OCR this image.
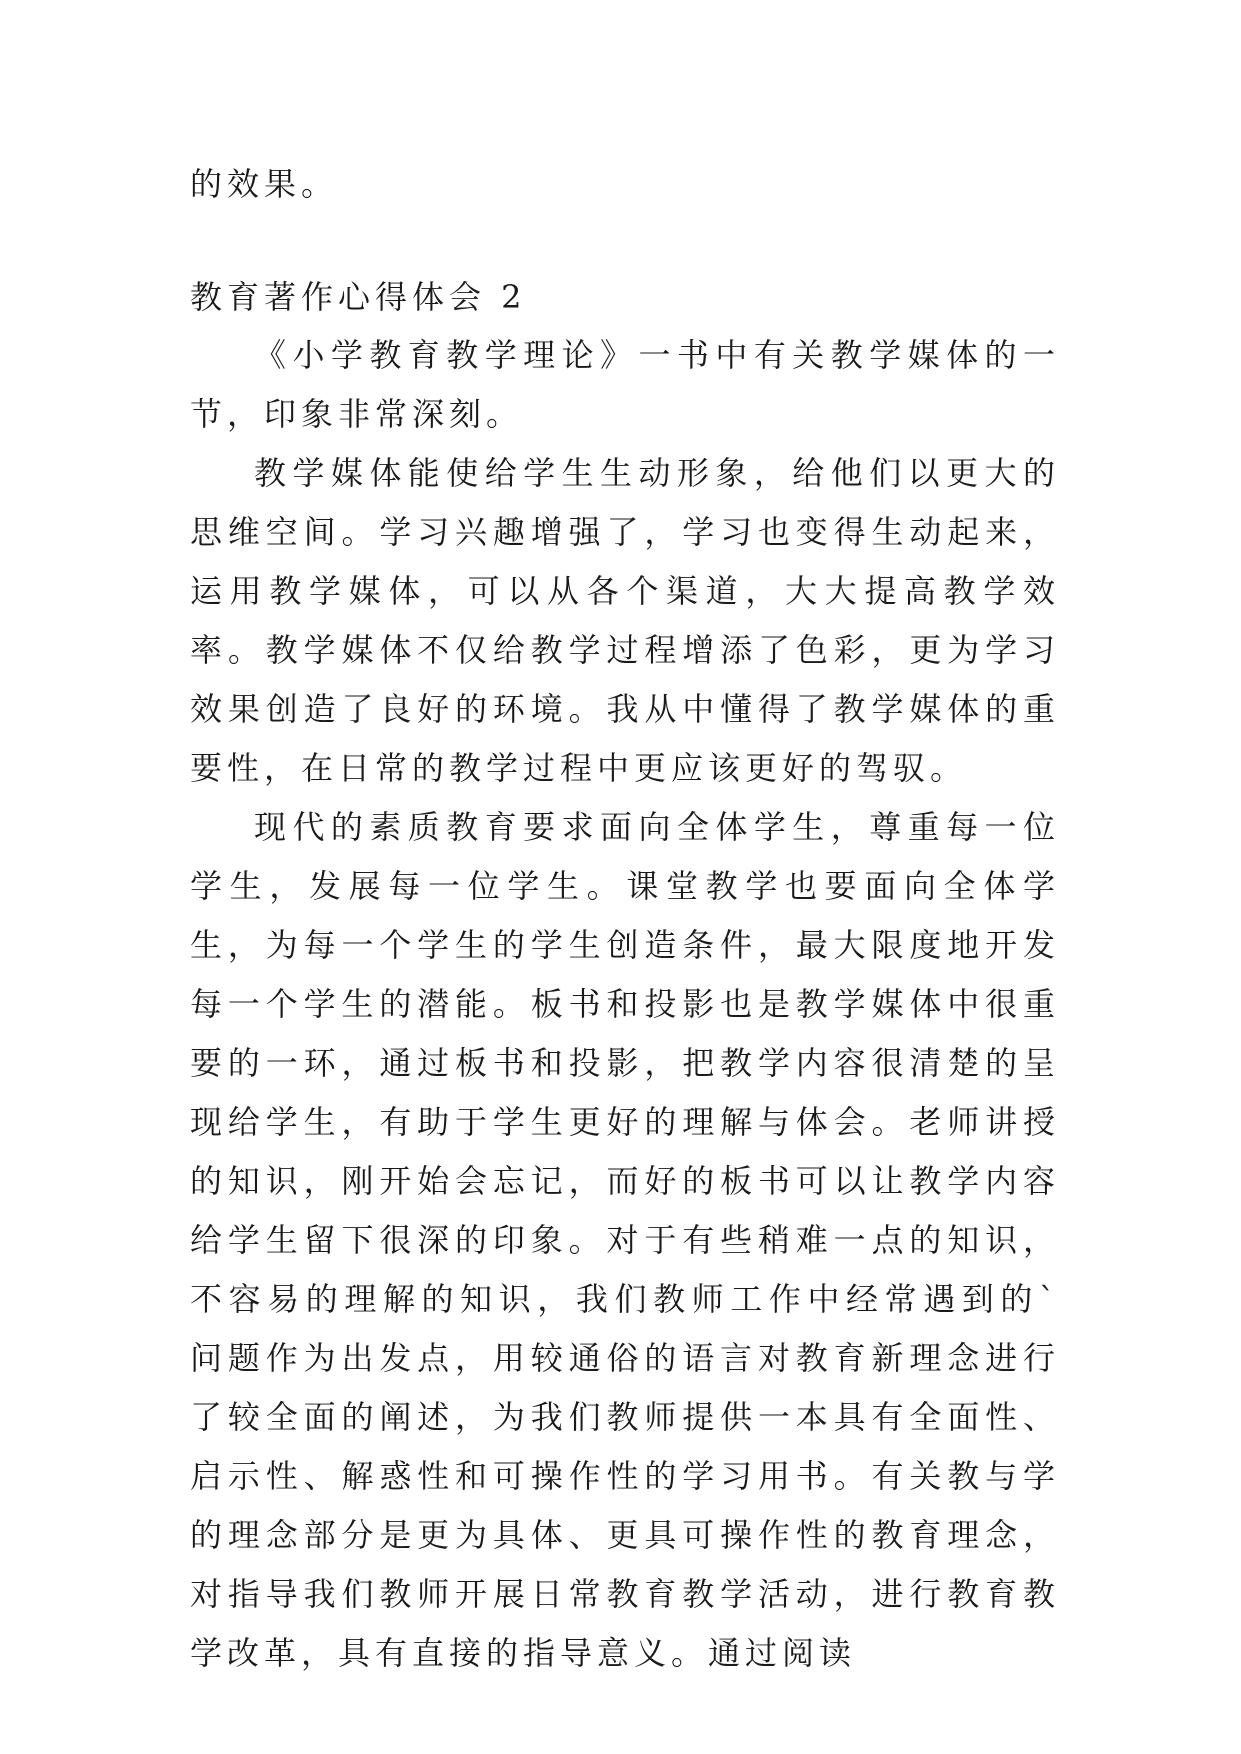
的效果。
教育著作心得体会 2

《小学教育教学理论》一书中有关教学媒体的一节，印象非常深刻。

教学媒体能使给学生生动形象，给他们以更大的思维空间。学习兴趣增强了，学习也变得生动起来，运用教学媒体，可以从各个渠道，大大提高教学效率。教学媒体不仅给教学过程增添了色彩，更为学习效果创造了良好的环境。我从中懂得了教学媒体的重要性，在日常的教学过程中更应该更好的驾驭。

现代的素质教育要求面向全体学生，尊重每一位学生，发展每一位学生。课堂教学也要面向全体学生，为每一个学生的学生创造条件，最大限度地开发每一个学生的潜能。板书和投影也是教学媒体中很重要的一环，通过板书和投影，把教学内容很清楚的呈现给学生，有助于学生更好的理解与体会。老师讲授的知识，刚开始会忘记，而好的板书可以让教学内容给学生留下很深的印象。对于有些稍难一点的知识，不容易的理解的知识，我们教师工作中经常遇到的`问题作为出发点，用较通俗的语言对教育新理念进行了较全面的阐述，为我们教师提供一本具有全面性、启示性、解惑性和可操作性的学习用书。有关教与学的理念部分是更为具体、更具可操作性的教育理念，对指导我们教师开展日常教育教学活动，进行教育教学改革，具有直接的指导意义。通过阅读
